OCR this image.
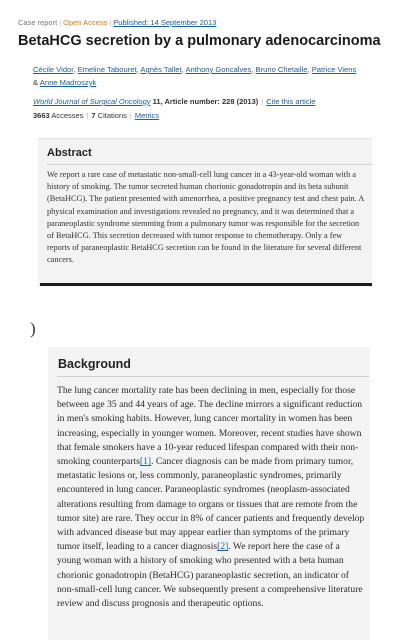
Case report | Open Access | Published: 14 September 2013
BetaHCG secretion by a pulmonary adenocarcinoma
Cécile Vidor, Emeline Tabouret, Agnès Tallet, Anthony Goncalves, Bruno Chetaille, Patrice Viens & Anne Madroszyk
World Journal of Surgical Oncology 11, Article number: 228 (2013) | Cite this article
3663 Accesses | 7 Citations | Metrics
Abstract

We report a rare case of metastatic non-small-cell lung cancer in a 43-year-old woman with a history of smoking. The tumor secreted human chorionic gonadotropin and its beta subunit (BetaHCG). The patient presented with amenorrhea, a positive pregnancy test and chest pain. A physical examination and investigations revealed no pregnancy, and it was determined that a paraneoplastic syndrome stemming from a pulmonary tumor was responsible for the secretion of BetaHCG. This secretion decreased with tumor response to chemotherapy. Only a few reports of paraneoplastic BetaHCG secretion can be found in the literature for several different cancers.

)
Background

The lung cancer mortality rate has been declining in men, especially for those between age 35 and 44 years of age. The decline mirrors a significant reduction in men's smoking habits. However, lung cancer mortality in women has been increasing, especially in younger women. Moreover, recent studies have shown that female smokers have a 10-year reduced lifespan compared with their non-smoking counterparts[1]. Cancer diagnosis can be made from primary tumor, metastatic lesions or, less commonly, paraneoplastic syndromes, primarily encountered in lung cancer. Paraneoplastic syndromes (neoplasm-associated alterations resulting from damage to organs or tissues that are remote from the tumor site) are rare. They occur in 8% of cancer patients and frequently develop with advanced disease but may appear earlier than symptoms of the primary tumor itself, leading to a cancer diagnosis[2]. We report here the case of a young woman with a history of smoking who presented with a beta human chorionic gonadotropin (BetaHCG) paraneoplastic secretion, an indicator of non-small-cell lung cancer. We subsequently present a comprehensive literature review and discuss prognosis and therapeutic options.
